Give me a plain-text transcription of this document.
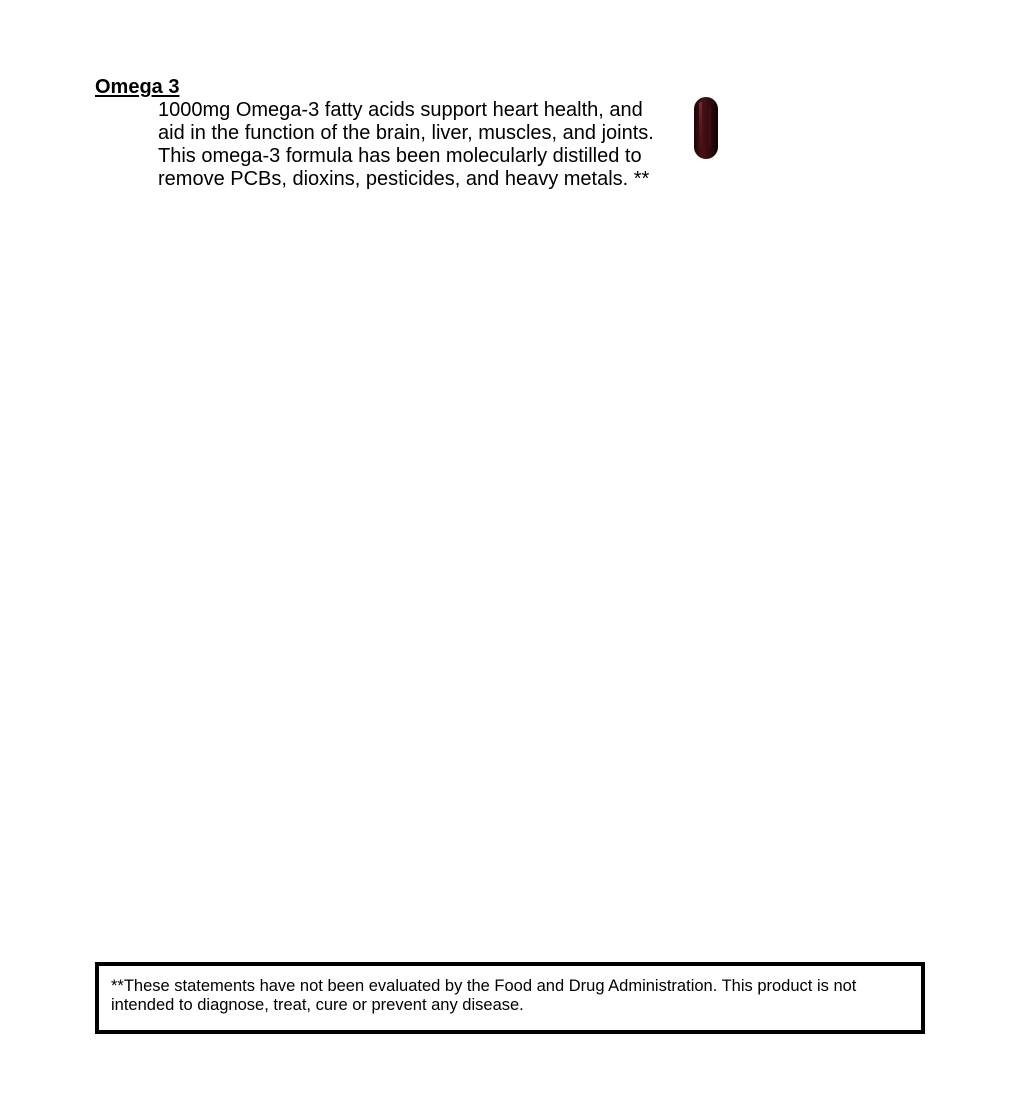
Omega 3

1000mg Omega-3 fatty acids support heart health, and aid in the function of the brain, liver, muscles, and joints. This omega-3 formula has been molecularly distilled to remove PCBs, dioxins, pesticides, and heavy metals. **

**These statements have not been evaluated by the Food and Drug Administration. This product is not intended to diagnose, treat, cure or prevent any disease.
